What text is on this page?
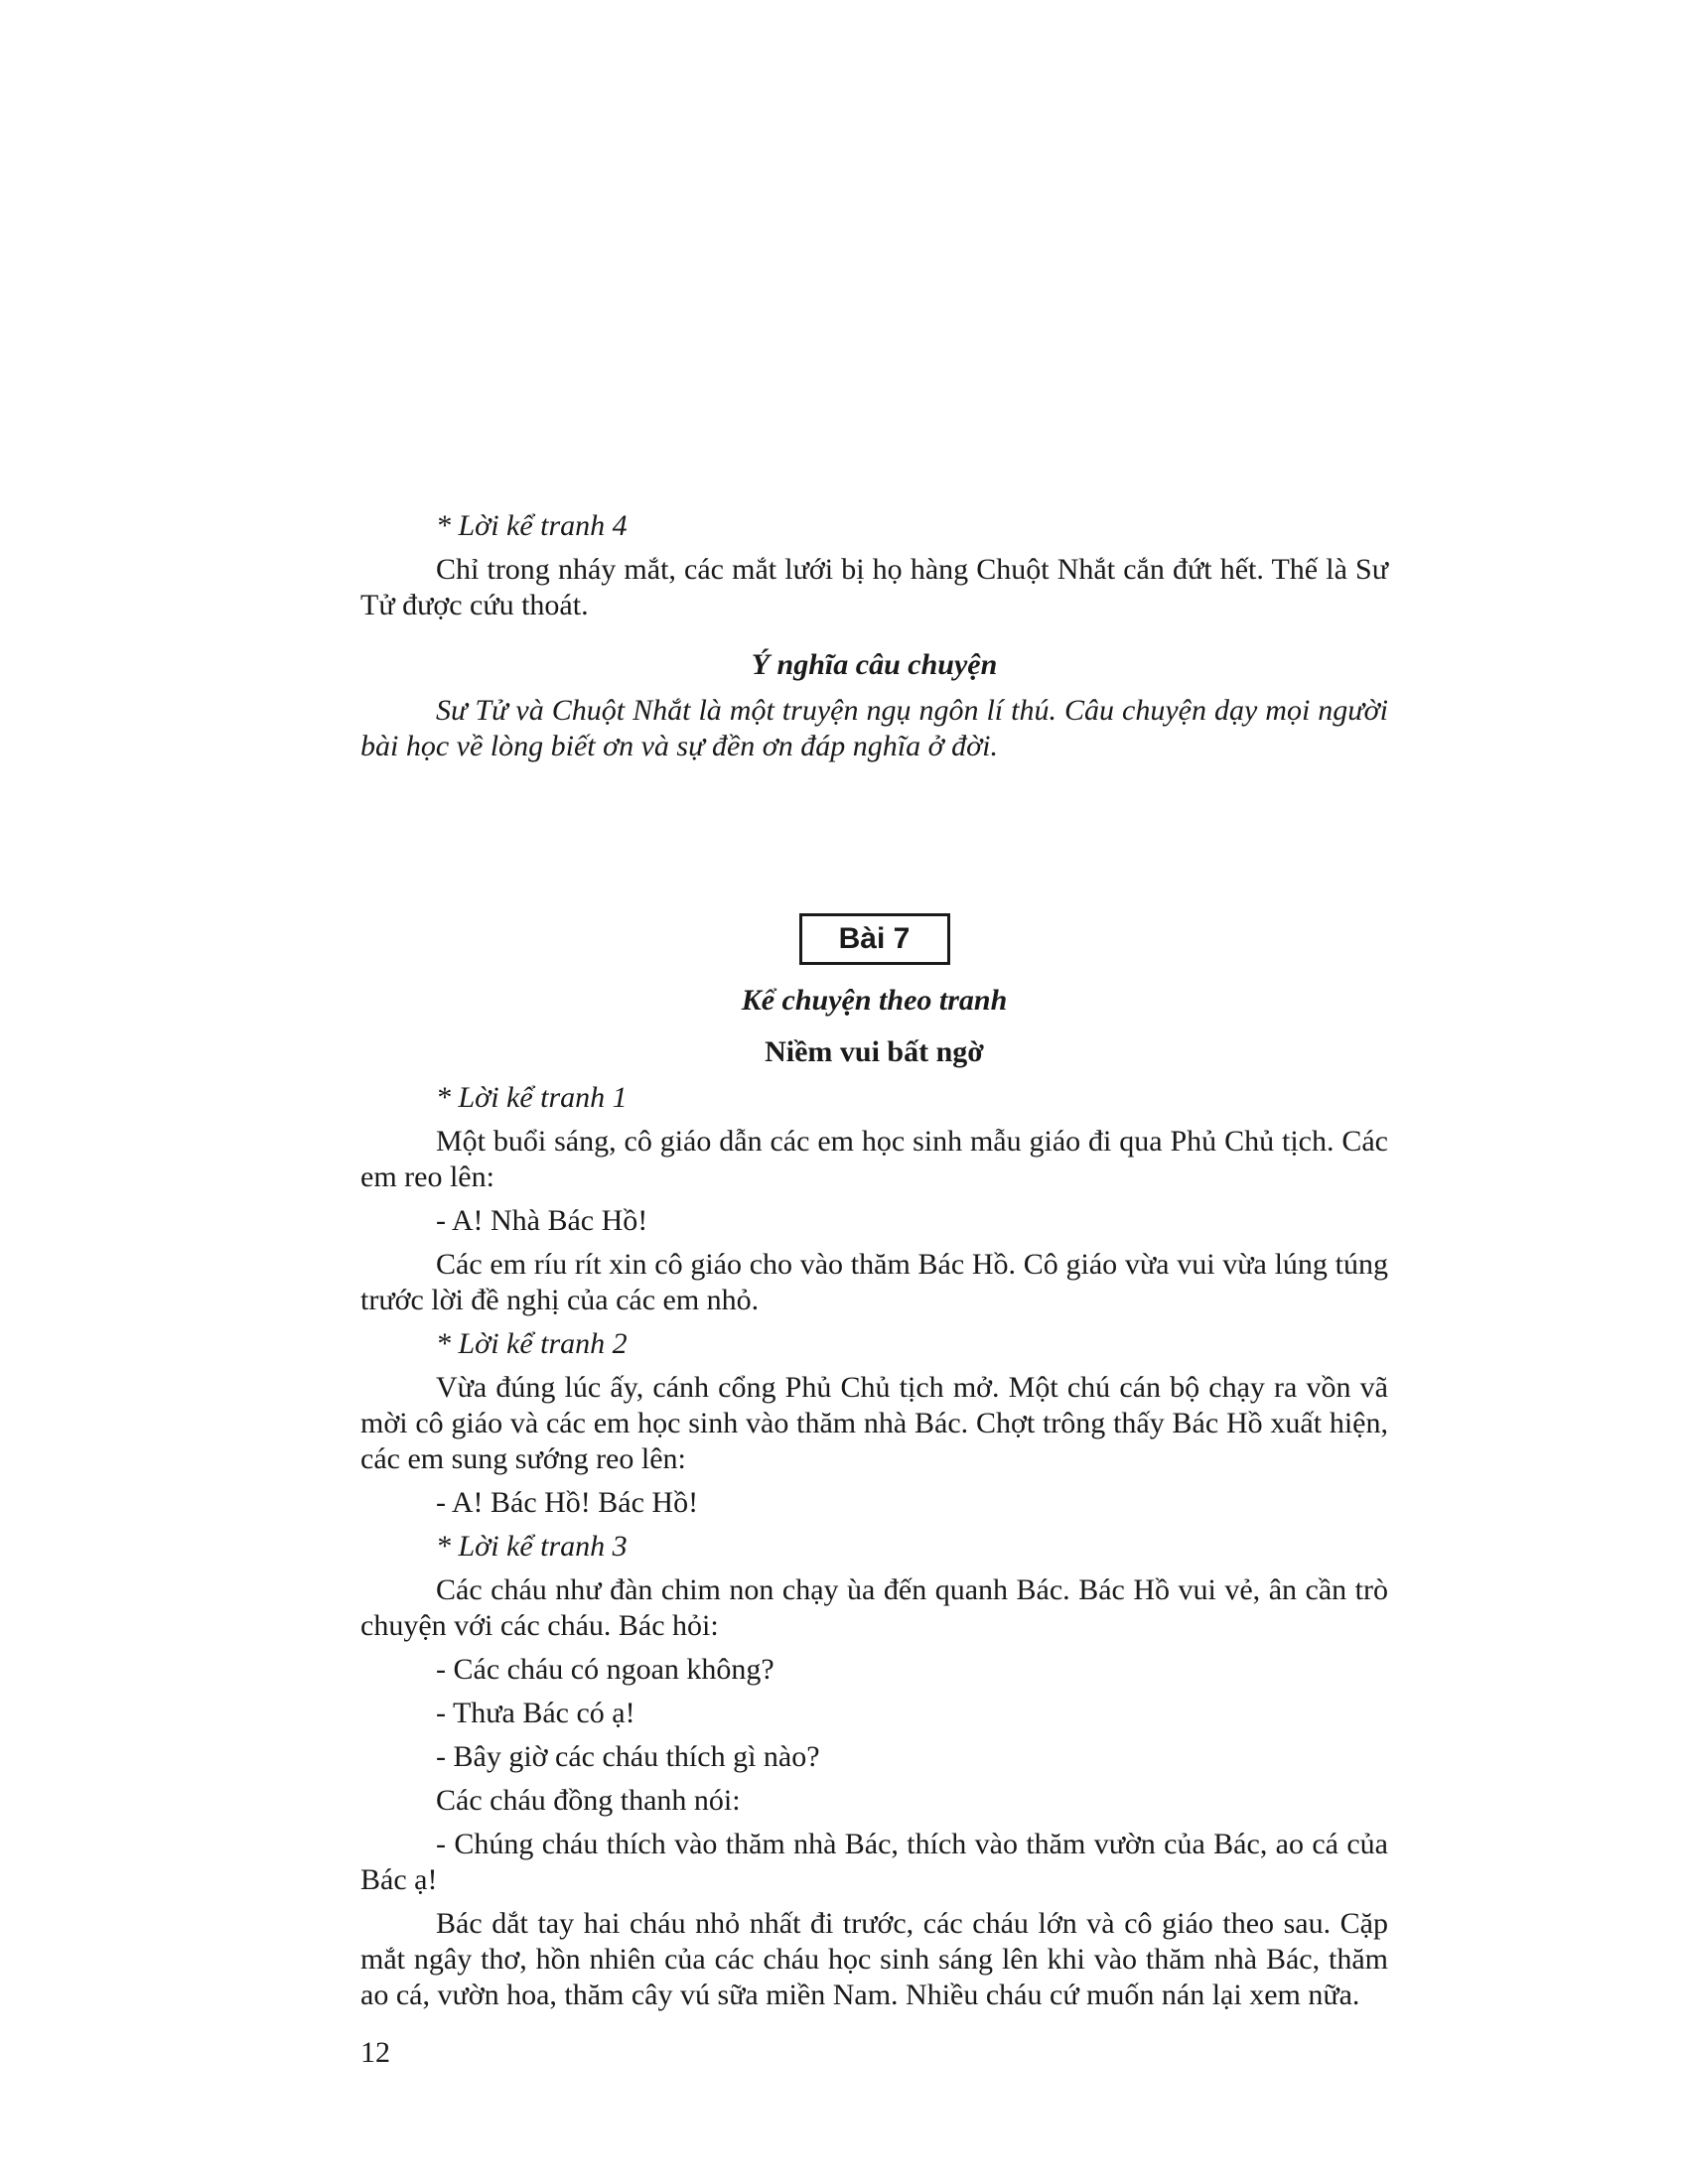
* Lời kể tranh 4

Chỉ trong nháy mắt, các mắt lưới bị họ hàng Chuột Nhắt cắn đứt hết. Thế là Sư Tử được cứu thoát.

Ý nghĩa câu chuyện

Sư Tử và Chuột Nhắt là một truyện ngụ ngôn lí thú. Câu chuyện dạy mọi người bài học về lòng biết ơn và sự đền ơn đáp nghĩa ở đời.

Bài 7

Kể chuyện theo tranh

Niềm vui bất ngờ

* Lời kể tranh 1

Một buổi sáng, cô giáo dẫn các em học sinh mẫu giáo đi qua Phủ Chủ tịch. Các em reo lên:

- A! Nhà Bác Hồ!

Các em ríu rít xin cô giáo cho vào thăm Bác Hồ. Cô giáo vừa vui vừa lúng túng trước lời đề nghị của các em nhỏ.

* Lời kể tranh 2

Vừa đúng lúc ấy, cánh cổng Phủ Chủ tịch mở. Một chú cán bộ chạy ra vồn vã mời cô giáo và các em học sinh vào thăm nhà Bác. Chợt trông thấy Bác Hồ xuất hiện, các em sung sướng reo lên:

- A! Bác Hồ! Bác Hồ!

* Lời kể tranh 3

Các cháu như đàn chim non chạy ùa đến quanh Bác. Bác Hồ vui vẻ, ân cần trò chuyện với các cháu. Bác hỏi:

- Các cháu có ngoan không?

- Thưa Bác có ạ!

- Bây giờ các cháu thích gì nào?

Các cháu đồng thanh nói:

- Chúng cháu thích vào thăm nhà Bác, thích vào thăm vườn của Bác, ao cá của Bác ạ!

Bác dắt tay hai cháu nhỏ nhất đi trước, các cháu lớn và cô giáo theo sau. Cặp mắt ngây thơ, hồn nhiên của các cháu học sinh sáng lên khi vào thăm nhà Bác, thăm ao cá, vườn hoa, thăm cây vú sữa miền Nam. Nhiều cháu cứ muốn nán lại xem nữa.

12
